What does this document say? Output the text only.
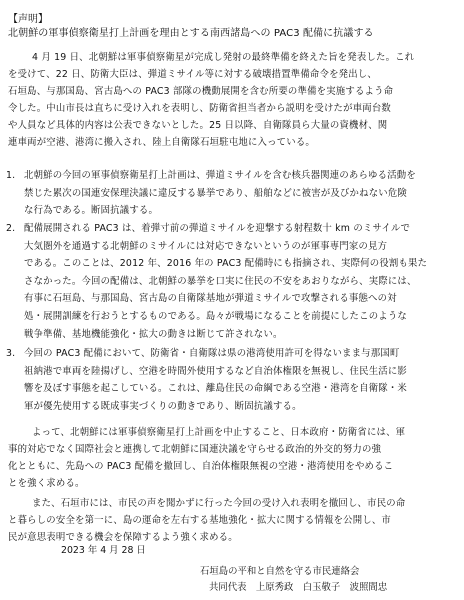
【声明】
北朝鮮の軍事偵察衛星打上計画を理由とする南西諸島への PAC3 配備に抗議する
4 月 19 日、北朝鮮は軍事偵察衛星が完成し発射の最終準備を終えた旨を発表した。これ
を受けて、22 日、防衛大臣は、弾道ミサイル等に対する破壊措置準備命令を発出し、
石垣島、与那国島、宮古島への PAC3 部隊の機動展開を含む所要の準備を実施するよう命
令した。中山市長は直ちに受け入れを表明し、防衛省担当者から説明を受けたが車両台数
や人員など具体的内容は公表できないとした。25 日以降、自衛隊員ら大量の資機材、関
連車両が空港、港湾に搬入され、陸上自衛隊石垣駐屯地に入っている。
1. 北朝鮮の今回の軍事偵察衛星打上計画は、弾道ミサイルを含む核兵器関連のあらゆる活動を
禁じた累次の国連安保理決議に違反する暴挙であり、船舶などに被害が及びかねない危険
な行為である。断固抗議する。
2. 配備展開される PAC3 は、着弾寸前の弾道ミサイルを迎撃する射程数十 km のミサイルで
大気圏外を通過する北朝鮮のミサイルには対応できないというのが軍事専門家の見方
である。このことは、2012 年、2016 年の PAC3 配備時にも指摘され、実際何の役割も果た
さなかった。今回の配備は、北朝鮮の暴挙を口実に住民の不安をあおりながら、実際には、
有事に石垣島、与那国島、宮古島の自衛隊基地が弾道ミサイルで攻撃される事態への対
処・展開訓練を行おうとするものである。島々が戦場になることを前提にしたこのような
戦争準備、基地機能強化・拡大の動きは断じて許されない。
3. 今回の PAC3 配備において、防衛省・自衛隊は県の港湾使用許可を得ないまま与那国町
祖納港で車両を陸揚げし、空港を時間外使用するなど自治体権限を無視し、住民生活に影
響を及ぼす事態を起こしている。これは、離島住民の命綱である空港・港湾を自衛隊・米
軍が優先使用する既成事実づくりの動きであり、断固抗議する。
よって、北朝鮮には軍事偵察衛星打上計画を中止すること、日本政府・防衛省には、軍
事的対応でなく国際社会と連携して北朝鮮に国連決議を守らせる政治的外交的努力の強
化とともに、先島への PAC3 配備を撤回し、自治体権限無視の空港・港湾使用をやめるこ
とを強く求める。
また、石垣市には、市民の声を聞かずに行った今回の受け入れ表明を撤回し、市民の命
と暮らしの安全を第一に、島の運命を左右する基地強化・拡大に関する情報を公開し、市
民が意思表明できる機会を保障するよう強く求める。
2023 年 4 月 28 日
石垣島の平和と自然を守る市民連絡会
共同代表　上原秀政　白玉敬子　波照間忠
